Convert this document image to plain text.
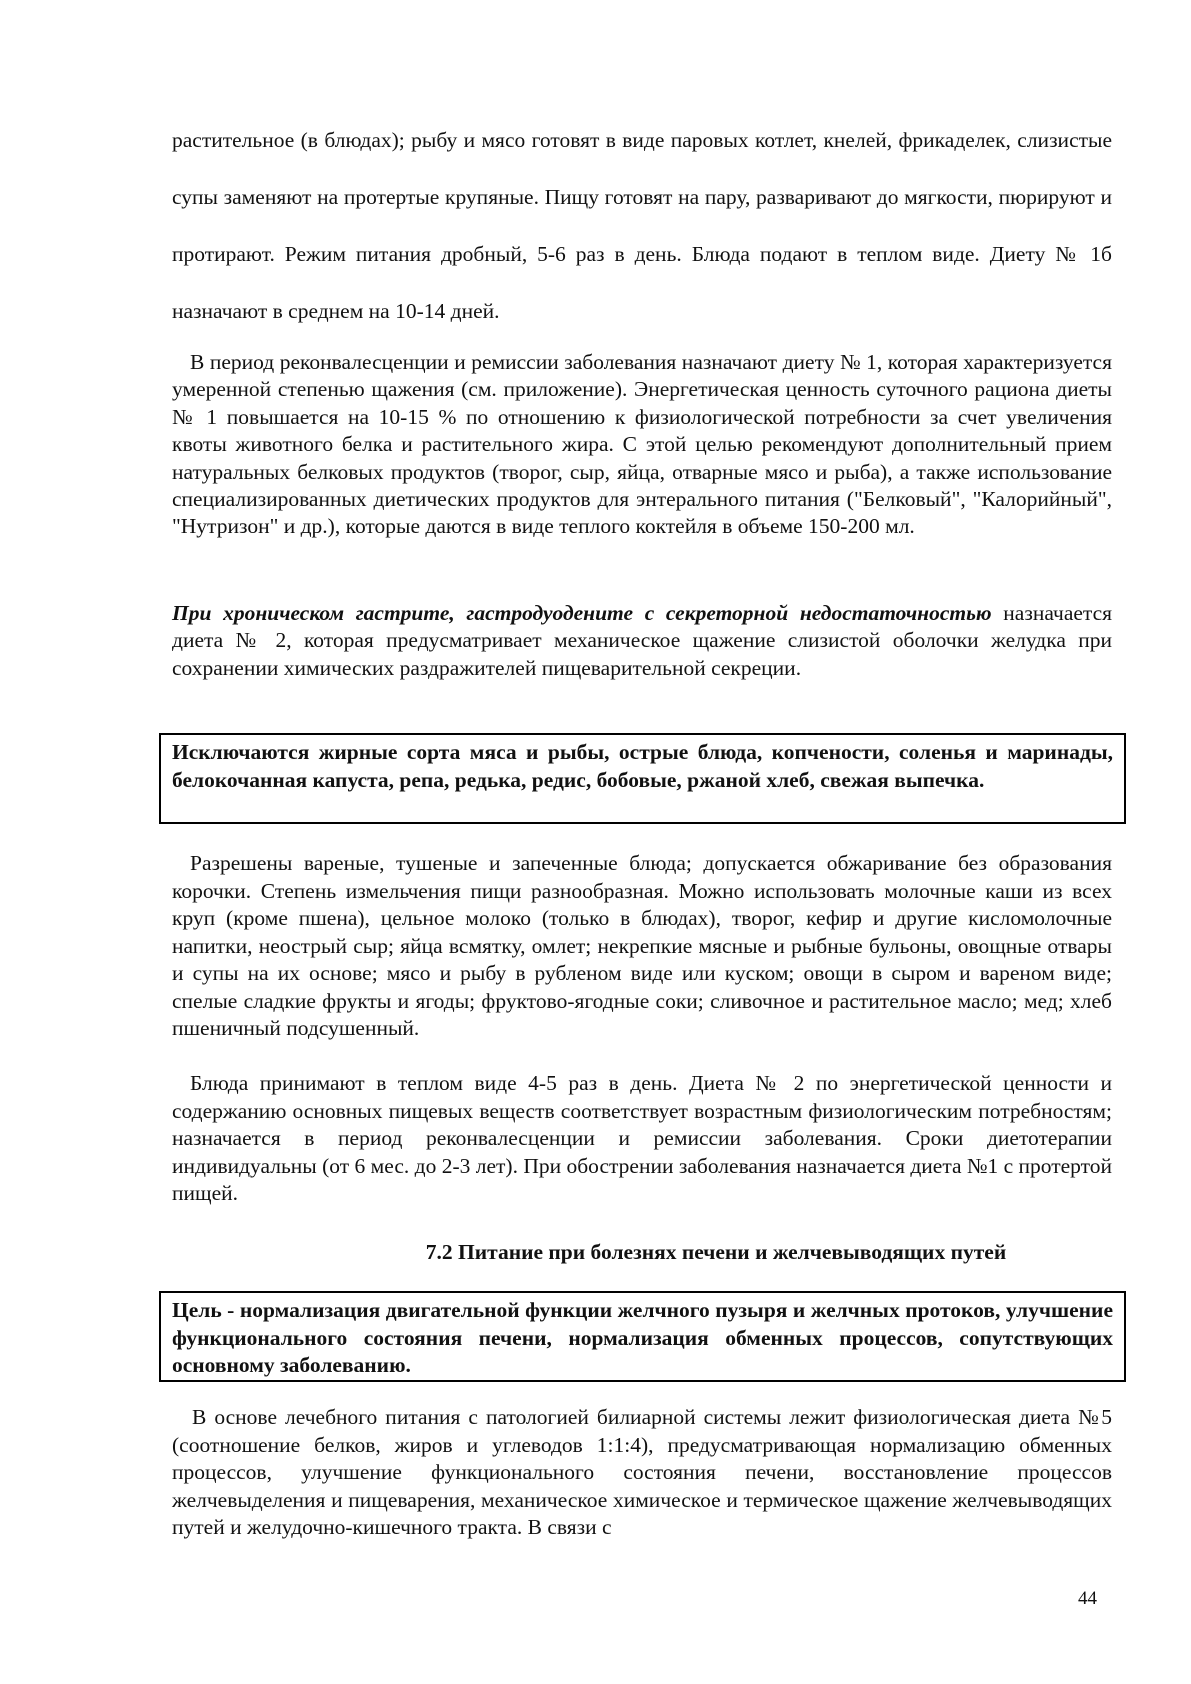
растительное (в блюдах); рыбу и мясо готовят в виде паровых котлет, кнелей, фрикаделек, слизистые супы заменяют на протертые крупяные. Пищу готовят на пару, разваривают до мягкости, пюрируют и протирают. Режим питания дробный, 5-6 раз в день. Блюда подают в теплом виде. Диету № 1б назначают в среднем на 10-14 дней.

В период реконвалесценции и ремиссии заболевания назначают диету № 1, которая характеризуется умеренной степенью щажения (см. приложение). Энергетическая ценность суточного рациона диеты № 1 повышается на 10-15 % по отношению к физиологической потребности за счет увеличения квоты животного белка и растительного жира. С этой целью рекомендуют дополнительный прием натуральных белковых продуктов (творог, сыр, яйца, отварные мясо и рыба), а также использование специализированных диетических продуктов для энтерального питания ("Белковый", "Калорийный", "Нутризон" и др.), которые даются в виде теплого коктейля в объеме 150-200 мл.

При хроническом гастрите, гастродуодените с секреторной недостаточностью назначается диета № 2, которая предусматривает механическое щажение слизистой оболочки желудка при сохранении химических раздражителей пищеварительной секреции.

Исключаются жирные сорта мяса и рыбы, острые блюда, копчености, соленья и маринады, белокочанная капуста, репа, редька, редис, бобовые, ржаной хлеб, свежая выпечка.

Разрешены вареные, тушеные и запеченные блюда; допускается обжаривание без образования корочки. Степень измельчения пищи разнообразная. Можно использовать молочные каши из всех круп (кроме пшена), цельное молоко (только в блюдах), творог, кефир и другие кисломолочные напитки, неострый сыр; яйца всмятку, омлет; некрепкие мясные и рыбные бульоны, овощные отвары и супы на их основе; мясо и рыбу в рубленом виде или куском; овощи в сыром и вареном виде; спелые сладкие фрукты и ягоды; фруктово-ягодные соки; сливочное и растительное масло; мед; хлеб пшеничный подсушенный.

Блюда принимают в теплом виде 4-5 раз в день. Диета № 2 по энергетической ценности и содержанию основных пищевых веществ соответствует возрастным физиологическим потребностям; назначается в период реконвалесценции и ремиссии заболевания. Сроки диетотерапии индивидуальны (от 6 мес. до 2-3 лет). При обострении заболевания назначается диета №1 с протертой пищей.

7.2 Питание при болезнях печени и желчевыводящих путей
Цель - нормализация двигательной функции желчного пузыря и желчных протоков, улучшение функционального состояния печени, нормализация обменных процессов, сопутствующих основному заболеванию.

В основе лечебного питания с патологией билиарной системы лежит физиологическая диета №5 (соотношение белков, жиров и углеводов 1:1:4), предусматривающая нормализацию обменных процессов, улучшение функционального состояния печени, восстановление процессов желчевыделения и пищеварения, механическое химическое и термическое щажение желчевыводящих путей и желудочно-кишечного тракта. В связи с

44
